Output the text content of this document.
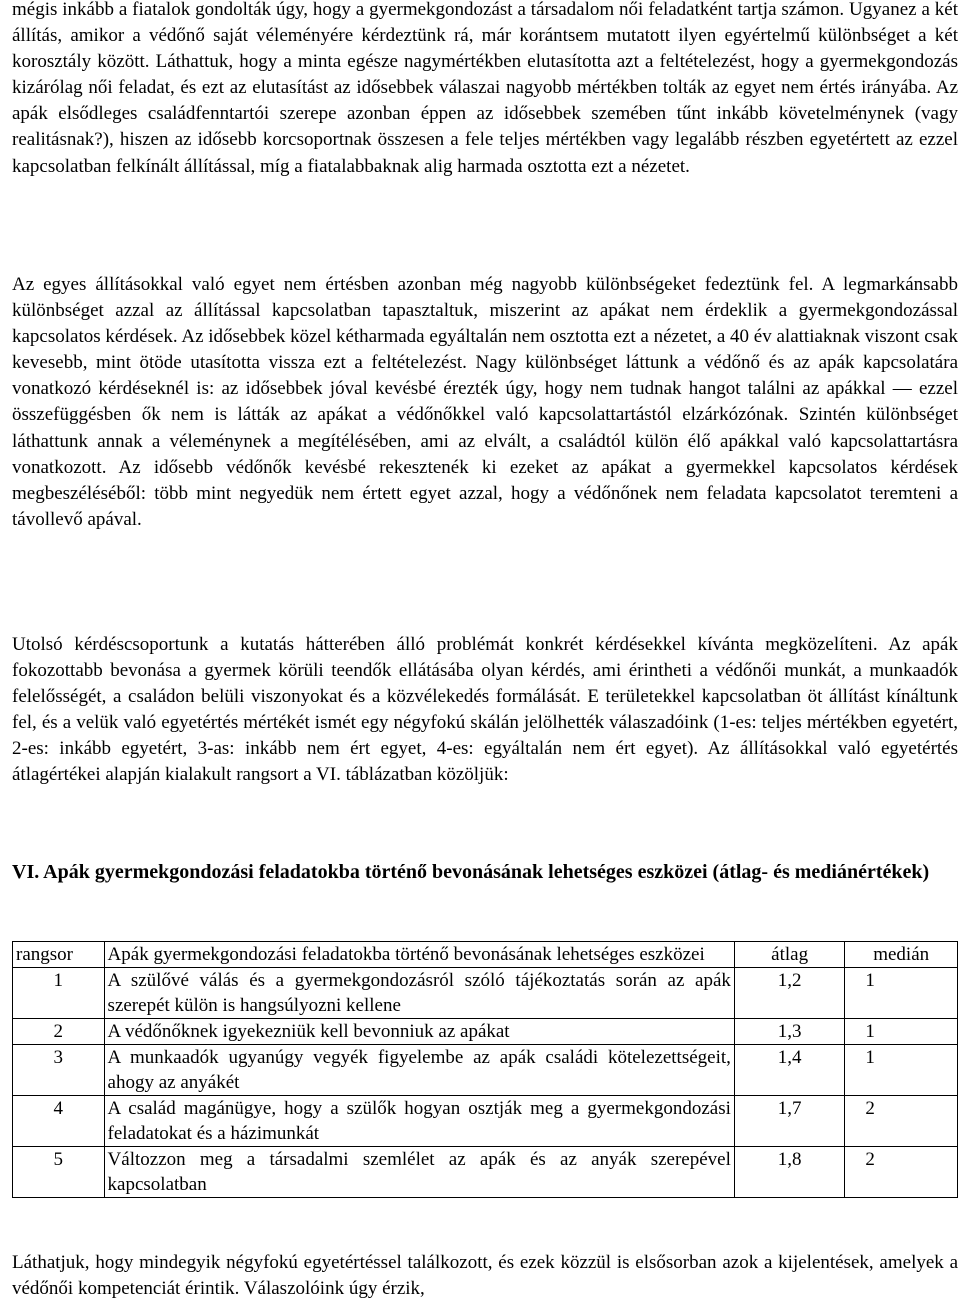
mégis inkább a fiatalok gondolták úgy, hogy a gyermekgondozást a társadalom női feladatként tartja számon. Ugyanez a két állítás, amikor a védőnő saját véleményére kérdeztünk rá, már korántsem mutatott ilyen egyértelmű különbséget a két korosztály között. Láthattuk, hogy a minta egésze nagymértékben elutasította azt a feltételezést, hogy a gyermekgondozás kizárólag női feladat, és ezt az elutasítást az idősebbek válaszai nagyobb mértékben tolták az egyet nem értés irányába. Az apák elsődleges családfenntartói szerepe azonban éppen az idősebbek szemében tűnt inkább követelménynek (vagy realitásnak?), hiszen az idősebb korcsoportnak összesen a fele teljes mértékben vagy legalább részben egyetértett az ezzel kapcsolatban felkínált állítással, míg a fiatalabbaknak alig harmada osztotta ezt a nézetet.

Az egyes állításokkal való egyet nem értésben azonban még nagyobb különbségeket fedeztünk fel. A legmarkánsabb különbséget azzal az állítással kapcsolatban tapasztaltuk, miszerint az apákat nem érdeklik a gyermekgondozással kapcsolatos kérdések. Az idősebbek közel kétharmada egyáltalán nem osztotta ezt a nézetet, a 40 év alattiaknak viszont csak kevesebb, mint ötöde utasította vissza ezt a feltételezést. Nagy különbséget láttunk a védőnő és az apák kapcsolatára vonatkozó kérdéseknél is: az idősebbek jóval kevésbé érezték úgy, hogy nem tudnak hangot találni az apákkal — ezzel összefüggésben ők nem is látták az apákat a védőnőkkel való kapcsolattartástól elzárkózónak. Szintén különbséget láthattunk annak a véleménynek a megítélésében, ami az elvált, a családtól külön élő apákkal való kapcsolattartásra vonatkozott. Az idősebb védőnők kevésbé rekesztenék ki ezeket az apákat a gyermekkel kapcsolatos kérdések megbeszéléséből: több mint negyedük nem értett egyet azzal, hogy a védőnőnek nem feladata kapcsolatot teremteni a távollevő apával.

Utolsó kérdéscsoportunk a kutatás hátterében álló problémát konkrét kérdésekkel kívánta megközelíteni. Az apák fokozottabb bevonása a gyermek körüli teendők ellátásába olyan kérdés, ami érintheti a védőnői munkát, a munkaadók felelősségét, a családon belüli viszonyokat és a közvélekedés formálását. E területekkel kapcsolatban öt állítást kínáltunk fel, és a velük való egyetértés mértékét ismét egy négyfokú skálán jelölhették válaszadóink (1-es: teljes mértékben egyetért, 2-es: inkább egyetért, 3-as: inkább nem ért egyet, 4-es: egyáltalán nem ért egyet). Az állításokkal való egyetértés átlagértékei alapján kialakult rangsort a VI. táblázatban közöljük:

VI. Apák gyermekgondozási feladatokba történő bevonásának lehetséges eszközei (átlag- és mediánértékek)

rangsor	Apák gyermekgondozási feladatokba történő bevonásának lehetséges eszközei	átlag	medián
1	A szülővé válás és a gyermekgondozásról szóló tájékoztatás során az apák szerepét külön is hangsúlyozni kellene	1,2	1
2	A védőnőknek igyekezniük kell bevonniuk az apákat	1,3	1
3	A munkaadók ugyanúgy vegyék figyelembe az apák családi kötelezettségeit, ahogy az anyákét	1,4	1
4	A család magánügye, hogy a szülők hogyan osztják meg a gyermekgondozási feladatokat és a házimunkát	1,7	2
5	Változzon meg a társadalmi szemlélet az apák és az anyák szerepével kapcsolatban	1,8	2

Láthatjuk, hogy mindegyik négyfokú egyetértéssel találkozott, és ezek közzül is elsősorban azok a kijelentések, amelyek a védőnői kompetenciát érintik. Válaszolóink úgy érzik,
